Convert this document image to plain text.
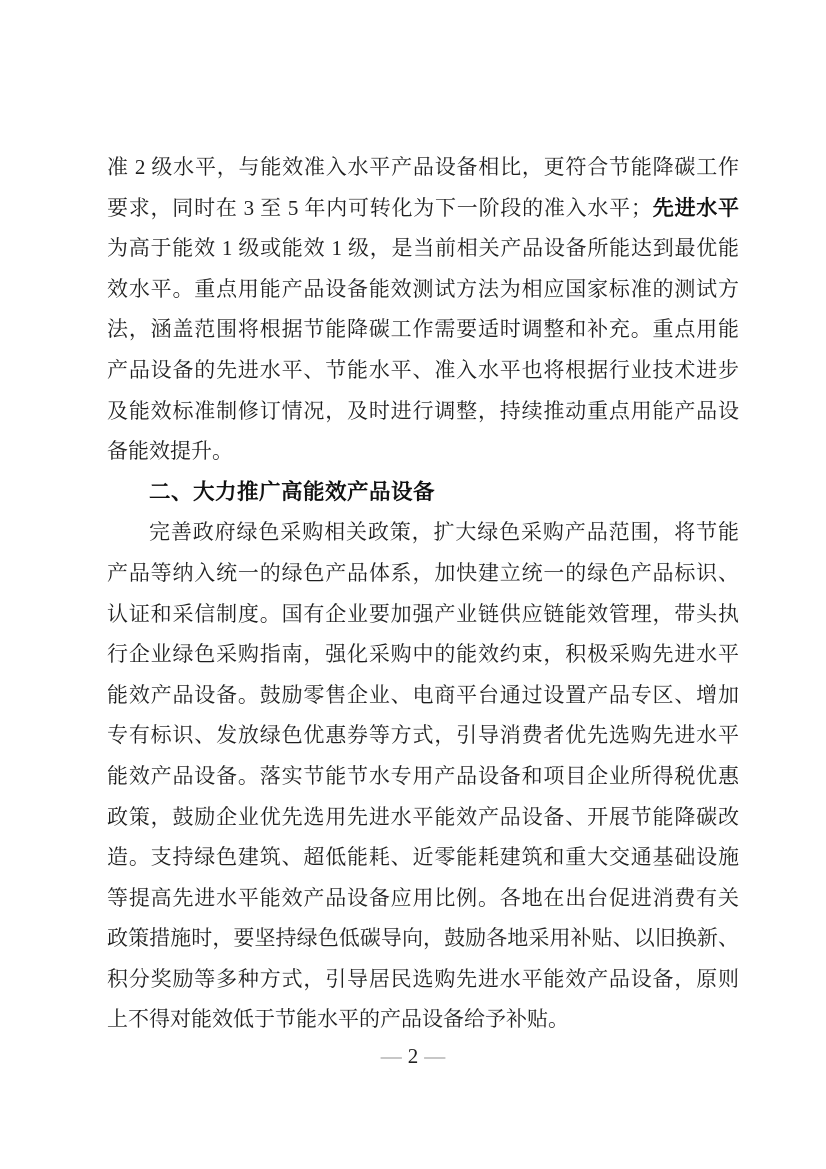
准 2 级水平，与能效准入水平产品设备相比，更符合节能降碳工作
要求，同时在 3 至 5 年内可转化为下一阶段的准入水平；先进水平
为高于能效 1 级或能效 1 级，是当前相关产品设备所能达到最优能
效水平。重点用能产品设备能效测试方法为相应国家标准的测试方
法，涵盖范围将根据节能降碳工作需要适时调整和补充。重点用能
产品设备的先进水平、节能水平、准入水平也将根据行业技术进步
及能效标准制修订情况，及时进行调整，持续推动重点用能产品设
备能效提升。
二、大力推广高能效产品设备
完善政府绿色采购相关政策，扩大绿色采购产品范围，将节能
产品等纳入统一的绿色产品体系，加快建立统一的绿色产品标识、
认证和采信制度。国有企业要加强产业链供应链能效管理，带头执
行企业绿色采购指南，强化采购中的能效约束，积极采购先进水平
能效产品设备。鼓励零售企业、电商平台通过设置产品专区、增加
专有标识、发放绿色优惠券等方式，引导消费者优先选购先进水平
能效产品设备。落实节能节水专用产品设备和项目企业所得税优惠
政策，鼓励企业优先选用先进水平能效产品设备、开展节能降碳改
造。支持绿色建筑、超低能耗、近零能耗建筑和重大交通基础设施
等提高先进水平能效产品设备应用比例。各地在出台促进消费有关
政策措施时，要坚持绿色低碳导向，鼓励各地采用补贴、以旧换新、
积分奖励等多种方式，引导居民选购先进水平能效产品设备，原则
上不得对能效低于节能水平的产品设备给予补贴。
— 2 —
